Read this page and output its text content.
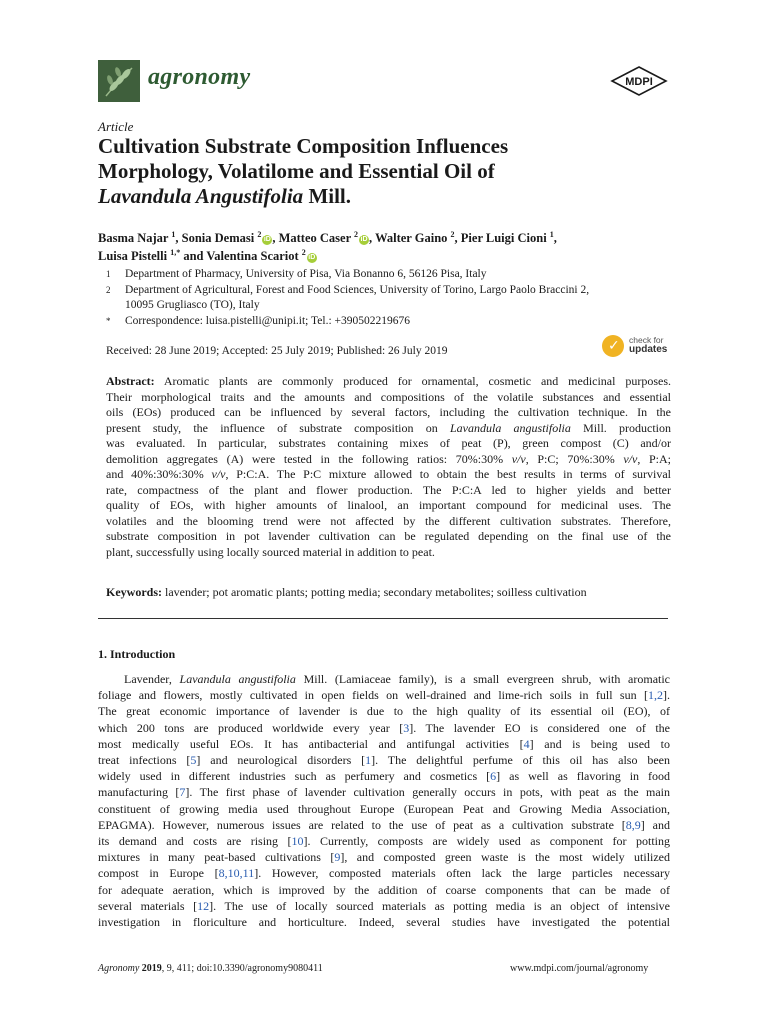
agronomy	MDPI
Article
Cultivation Substrate Composition Influences
Morphology, Volatilome and Essential Oil of
Lavandula Angustifolia Mill.
Basma Najar $^1$, Sonia Demasi $^2$iD , Matteo Caser $^2$iD , Walter Gaino $^2$, Pier Luigi Cioni $^1$,
Luisa Pistelli $^{1,*}$ and Valentina Scariot $^2$iD
1 Department of Pharmacy, University of Pisa, Via Bonanno 6, 56126 Pisa, Italy
2 Department of Agricultural, Forest and Food Sciences, University of Torino, Largo Paolo Braccini 2,
10095 Grugliasco (TO), Italy
* Correspondence: luisa.pistelli@unipi.it; Tel.: +390502219676
✓ check for
updates
Received: 28 June 2019; Accepted: 25 July 2019; Published: 26 July 2019
Abstract: Aromatic plants are commonly produced for ornamental, cosmetic and medicinal purposes.
Their morphological traits and the amounts and compositions of the volatile substances and essential
oils (EOs) produced can be influenced by several factors, including the cultivation technique. In the
present study, the influence of substrate composition on Lavandula angustifolia Mill. production
was evaluated. In particular, substrates containing mixes of peat (P), green compost (C) and/or
demolition aggregates (A) were tested in the following ratios: 70%:30% v/v, P:C; 70%:30% v/v, P:A;
and 40%:30%:30% v/v, P:C:A. The P:C mixture allowed to obtain the best results in terms of survival
rate, compactness of the plant and flower production. The P:C:A led to higher yields and better
quality of EOs, with higher amounts of linalool, an important compound for medicinal uses. The
volatiles and the blooming trend were not affected by the different cultivation substrates. Therefore,
substrate composition in pot lavender cultivation can be regulated depending on the final use of the
plant, successfully using locally sourced material in addition to peat.
Keywords: lavender; pot aromatic plants; potting media; secondary metabolites; soilless cultivation
1. Introduction
Lavender, Lavandula angustifolia Mill. (Lamiaceae family), is a small evergreen shrub, with aromatic
foliage and flowers, mostly cultivated in open fields on well-drained and lime-rich soils in full sun [1,2].
The great economic importance of lavender is due to the high quality of its essential oil (EO), of
which 200 tons are produced worldwide every year [3]. The lavender EO is considered one of the
most medically useful EOs. It has antibacterial and antifungal activities [4] and is being used to
treat infections [5] and neurological disorders [1]. The delightful perfume of this oil has also been
widely used in different industries such as perfumery and cosmetics [6] as well as flavoring in food
manufacturing [7]. The first phase of lavender cultivation generally occurs in pots, with peat as the main
constituent of growing media used throughout Europe (European Peat and Growing Media Association,
EPAGMA). However, numerous issues are related to the use of peat as a cultivation substrate [8,9] and
its demand and costs are rising [10]. Currently, composts are widely used as component for potting
mixtures in many peat-based cultivations [9], and composted green waste is the most widely utilized
compost in Europe [8,10,11]. However, composted materials often lack the large particles necessary
for adequate aeration, which is improved by the addition of coarse components that can be made of
several materials [12]. The use of locally sourced materials as potting media is an object of intensive
investigation in floriculture and horticulture. Indeed, several studies have investigated the potential
Agronomy 2019, 9, 411; doi:10.3390/agronomy9080411	www.mdpi.com/journal/agronomy
